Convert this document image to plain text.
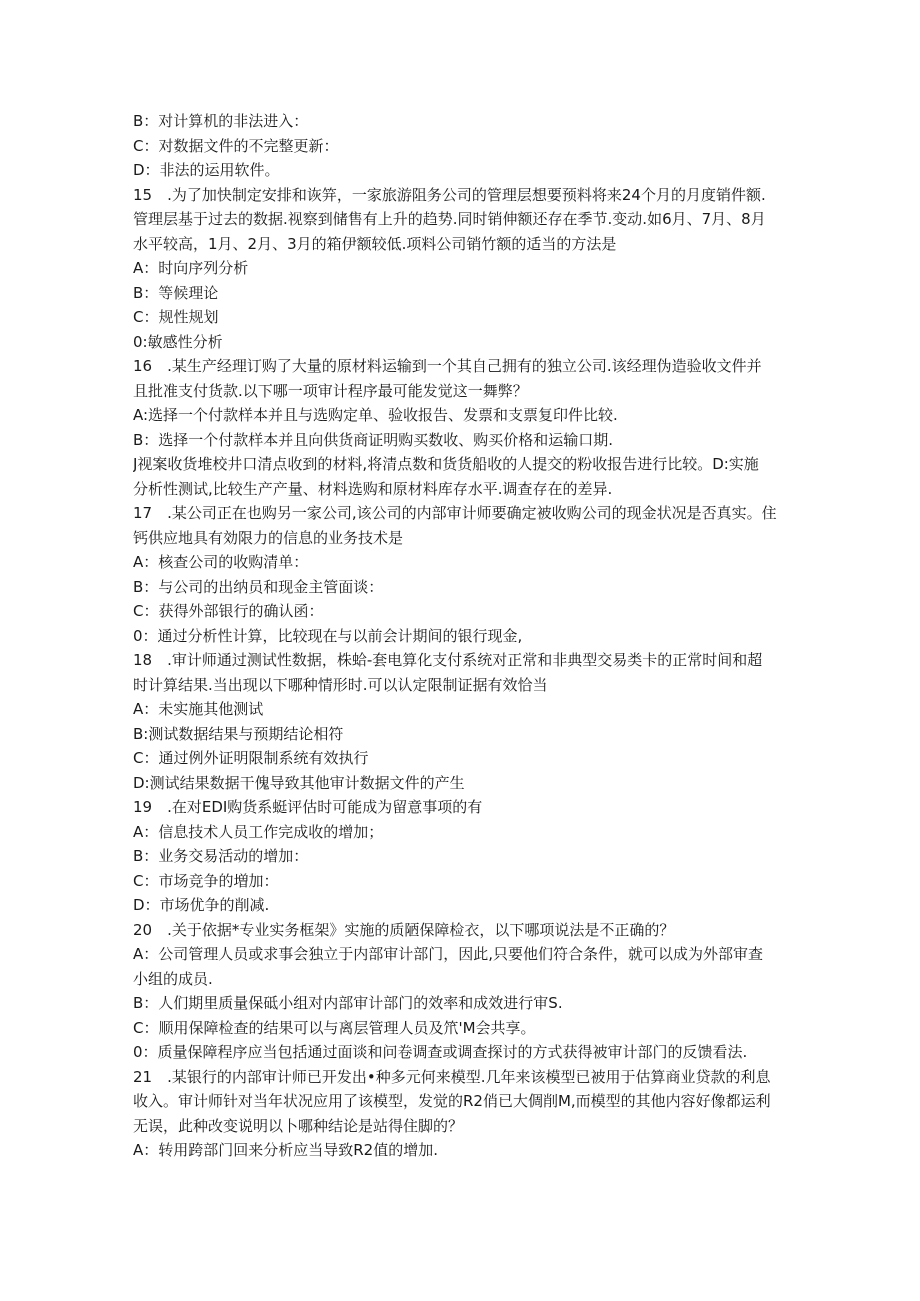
B：对计算机的非法进入：
C：对数据文件的不完整更新：
D：非法的运用软件。
15　.为了加快制定安排和诙笄，一家旅游阻务公司的管理层想要预料将来24个月的月度销件额.
管理层基于过去的数据.视察到储售有上升的趋势.同时销伸额还存在季节.变动.如6月、7月、8月
水平较高，1月、2月、3月的箱伊额较低.项料公司销竹额的适当的方法是
A：时向序列分析
B：等候理论
C：规性规划
0:敏感性分析
16　.某生产经理订购了大量的原材料运输到一个其自己拥有的独立公司.该经理伪造验收文件并
且批准支付货款.以下哪一项审计程序最可能发觉这一舞弊？
A:选择一个付款样本并且与选购定单、验收报告、发票和支票复印件比较.
B：选择一个付款样本并且向供货商证明购买数收、购买价格和运输口期.
J视案收货堆校井口清点收到的材料,将清点数和货货船收的人提交的粉收报告进行比较。D:实施
分析性测试,比较生产产量、材料选购和原材料库存水平.调查存在的差异.
17　.某公司正在也购另一家公司,该公司的内部审计师要确定被收购公司的现金状况是否真实。住
钙供应地具有効限力的信息的业务技术是
A：核查公司的收购清单：
B：与公司的出纳员和现金主管面谈：
C：获得外部银行的确认函：
0：通过分析性计算，比较现在与以前会计期间的银行现金,
18　.审计师通过测试性数据，株蛤-套电算化支付系统对正常和非典型交易类卡的正常时间和超
时计算结果.当出现以下哪种情形时.可以认定限制证据有效恰当
A：未实施其他测试
B:测试数据结果与预期结论相符
C：通过例外证明限制系统有效执行
D:测试结果数据干傀导致其他审计数据文件的产生
19　.在对EDI购货系蜓评估时可能成为留意事项的有
A：信息技术人员工作完成收的增加；
B：业务交易活动的增加：
C：市场竞争的増加：
D：市场优争的削减.
20　.关于依据*专业实务框架》实施的质陋保障检衣，以下哪项说法是不正确的？
A：公司管理人员或求事会独立于内部审计部门，因此,只要他们符合条件，就可以成为外部审查
小组的成员.
B：人们期里质量保砥小组对内部审计部门的效率和成效进行审S.
C：顺用保障检查的结果可以与离层管理人员及笊'M会共享。
0：质量保障程序应当包括通过面谈和问卷调查或调查探讨的方式获得被审计部门的反馈看法.
21　.某银行的内部审计师已开发出•种多元何来模型.几年来该模型已被用于估算商业贷款的利息
收入。审计师针对当年状况应用了该模型，发觉的R2俏已大倜削M,而模型的其他内容好像都运利
无误，此种改变说明以卜哪种结论是站得住脚的？
A：转用跨部门回来分析应当导致R2值的增加.
